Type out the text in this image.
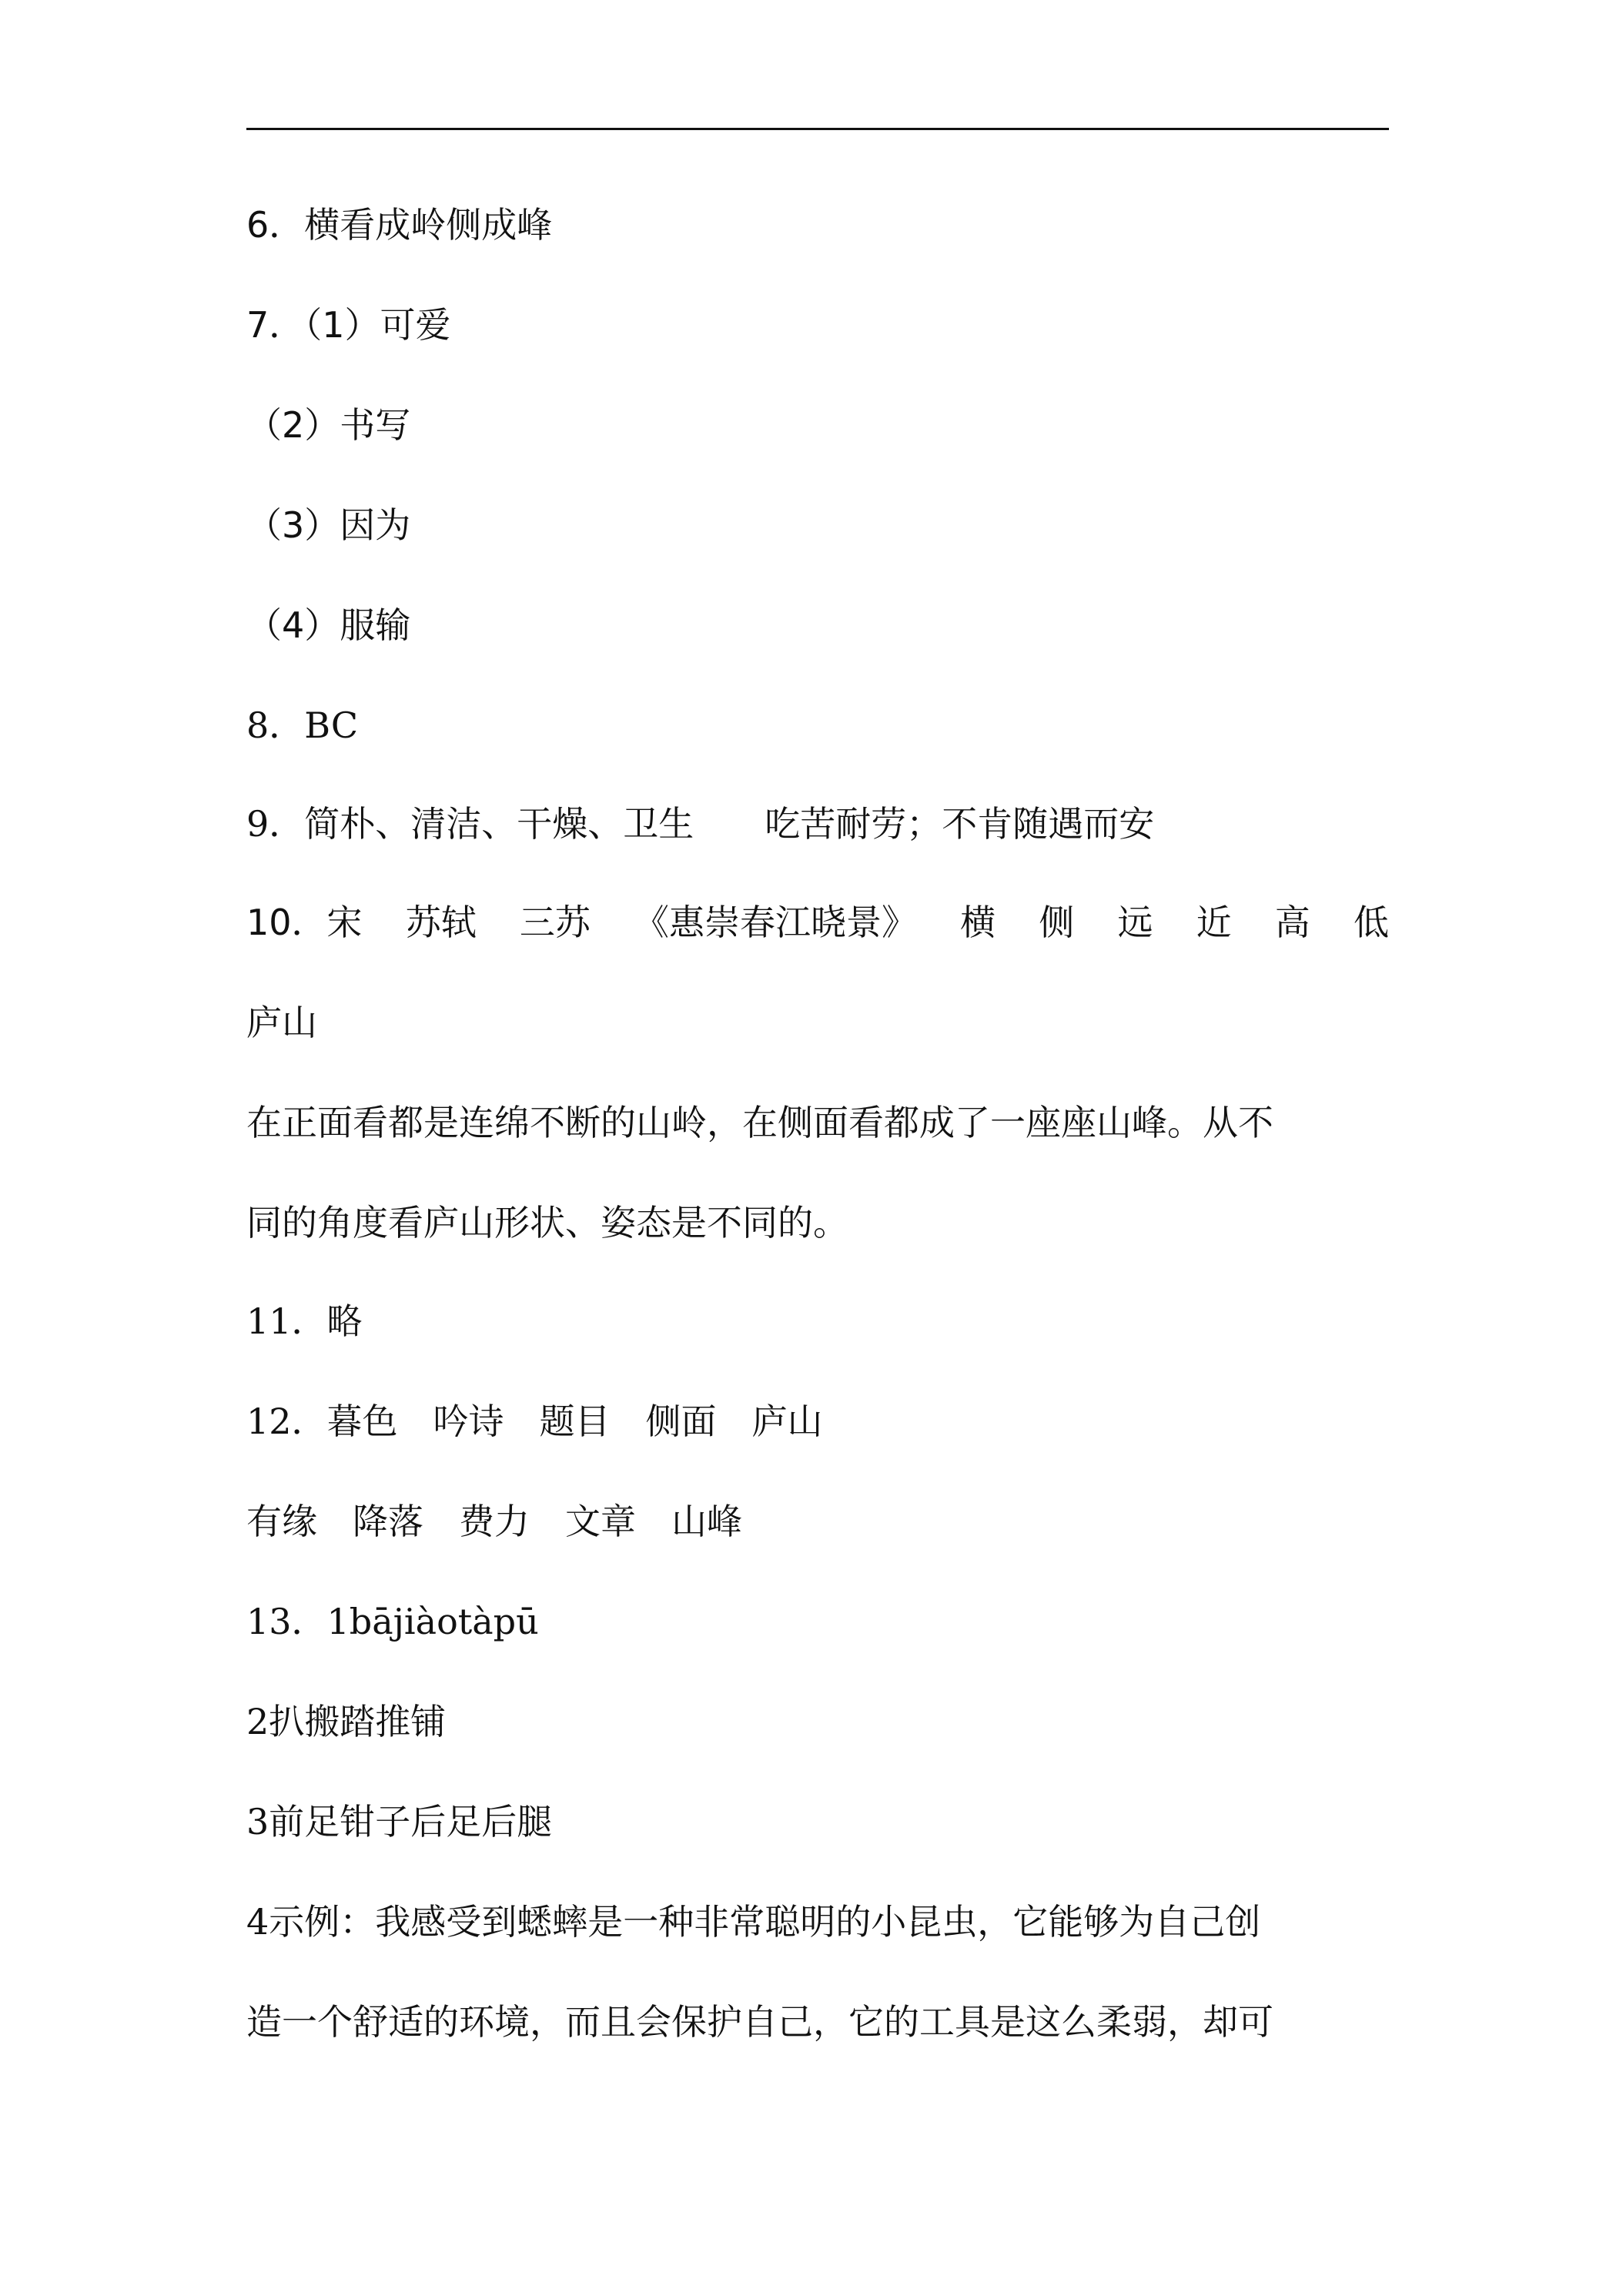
6．横看成岭侧成峰
7．（1）可爱
（2）书写
（3）因为
（4）服输
8．BC
9．简朴、清洁、干燥、卫生　　吃苦耐劳；不肯随遇而安
10．宋 苏轼 三苏 《惠崇春江晓景》 横 侧 远 近 高 低
庐山
在正面看都是连绵不断的山岭，在侧面看都成了一座座山峰。从不
同的角度看庐山形状、姿态是不同的。
11．略
12．暮色　吟诗　题目　侧面　庐山
有缘　降落　费力　文章　山峰
13．1bājiàotàpū
2扒搬踏推铺
3前足钳子后足后腿
4示例：我感受到蟋蟀是一种非常聪明的小昆虫，它能够为自己创
造一个舒适的环境，而且会保护自己，它的工具是这么柔弱，却可
